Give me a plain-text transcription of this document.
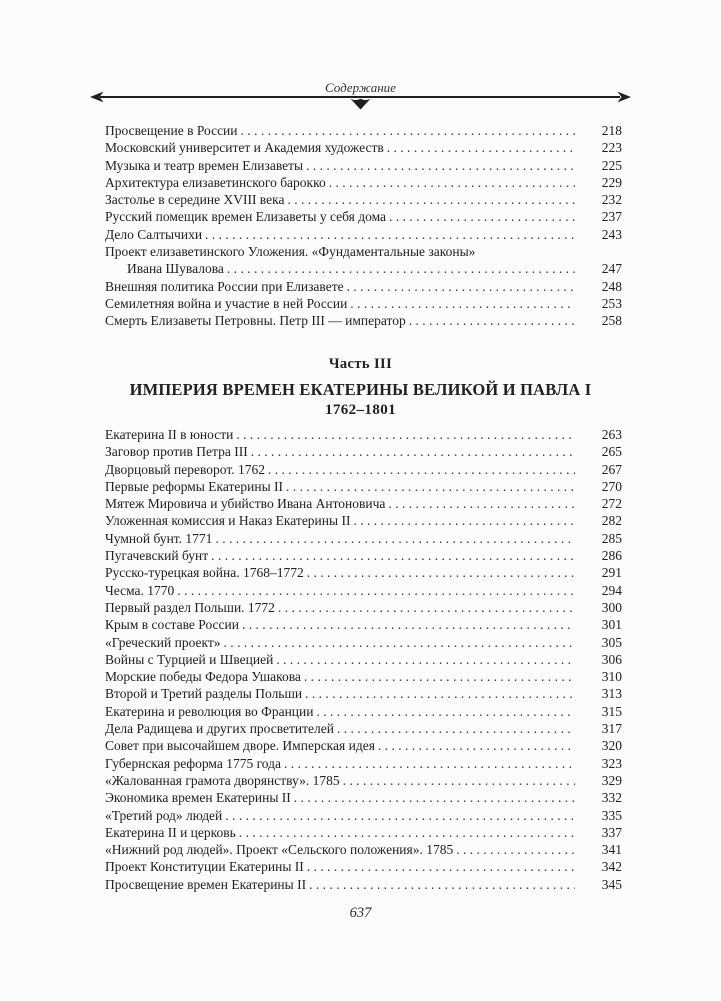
Содержание
Просвещение в России .....	218
Московский университет и Академия художеств .....	223
Музыка и театр времен Елизаветы .....	225
Архитектура елизаветинского барокко .....	229
Застолье в середине XVIII века .....	232
Русский помещик времен Елизаветы у себя дома .....	237
Дело Салтычихи .....	243
Проект елизаветинского Уложения. «Фундаментальные законы»
Ивана Шувалова .....	247
Внешняя политика России при Елизавете .....	248
Семилетняя война и участие в ней России .....	253
Смерть Елизаветы Петровны. Петр III — император .....	258
Часть III
ИМПЕРИЯ ВРЕМЕН ЕКАТЕРИНЫ ВЕЛИКОЙ И ПАВЛА I
1762–1801
Екатерина II в юности .....	263
Заговор против Петра III .....	265
Дворцовый переворот. 1762 .....	267
Первые реформы Екатерины II .....	270
Мятеж Мировича и убийство Ивана Антоновича .....	272
Уложенная комиссия и Наказ Екатерины II .....	282
Чумной бунт. 1771 .....	285
Пугачевский бунт .....	286
Русско-турецкая война. 1768–1772 .....	291
Чесма. 1770 .....	294
Первый раздел Польши. 1772 .....	300
Крым в составе России .....	301
«Греческий проект» .....	305
Войны с Турцией и Швецией .....	306
Морские победы Федора Ушакова .....	310
Второй и Третий разделы Польши .....	313
Екатерина и революция во Франции .....	315
Дела Радищева и других просветителей .....	317
Совет при высочайшем дворе. Имперская идея .....	320
Губернская реформа 1775 года .....	323
«Жалованная грамота дворянству». 1785 .....	329
Экономика времен Екатерины II .....	332
«Третий род» людей .....	335
Екатерина II и церковь .....	337
«Нижний род людей». Проект «Сельского положения». 1785 .....	341
Проект Конституции Екатерины II .....	342
Просвещение времен Екатерины II .....	345
637
